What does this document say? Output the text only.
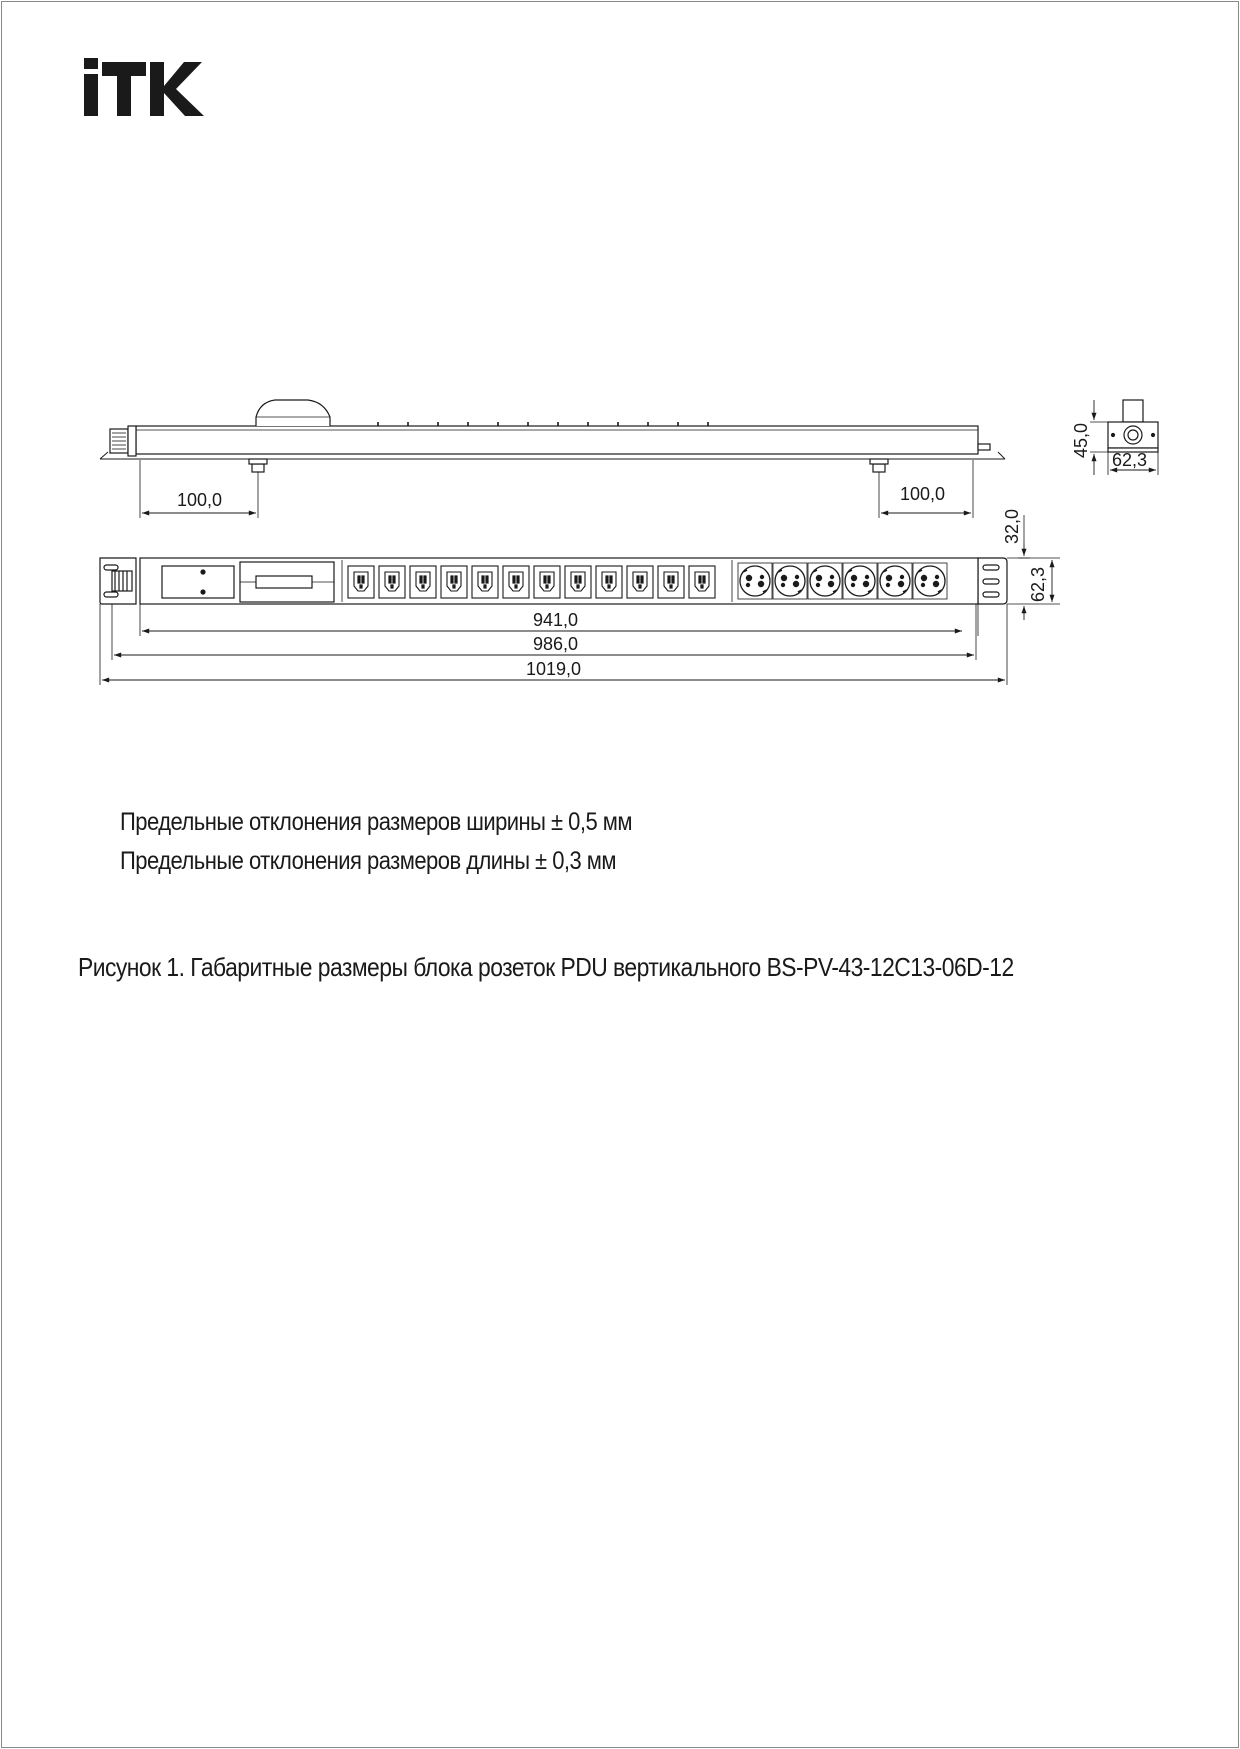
100,0	100,0
941,0
986,0
1019,0
62,3
32,0
45,0
62,3
Предельные отклонения размеров ширины ± 0,5 мм
Предельные отклонения размеров длины ± 0,3 мм
Рисунок 1. Габаритные размеры блока розеток PDU вертикального BS-PV-43-12C13-06D-12
